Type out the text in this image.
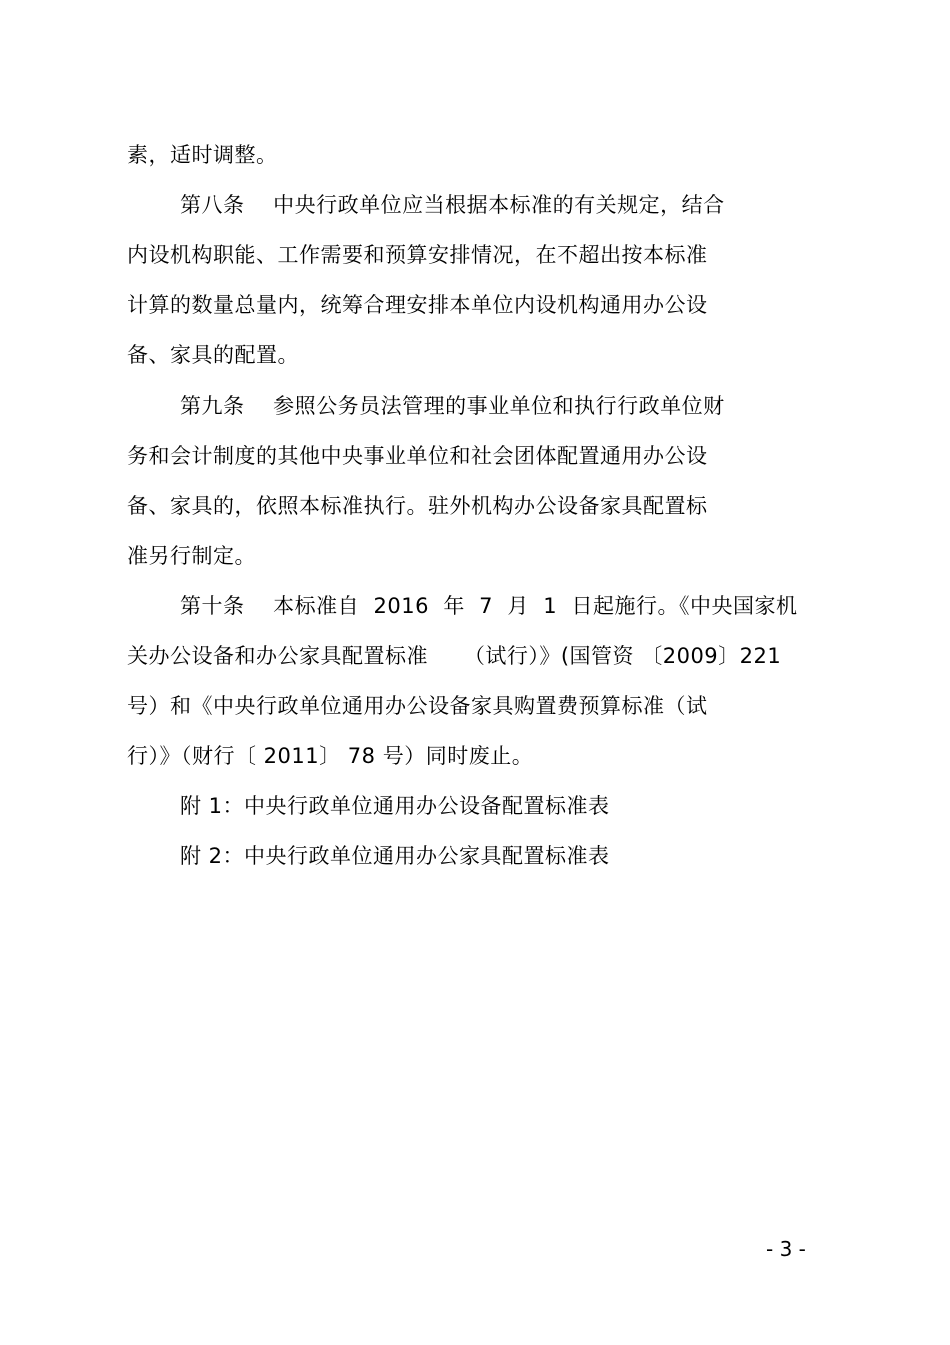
素，适时调整。
第八条　 中央行政单位应当根据本标准的有关规定，结合
内设机构职能、工作需要和预算安排情况，在不超出按本标准
计算的数量总量内，统筹合理安排本单位内设机构通用办公设
备、家具的配置。
第九条　 参照公务员法管理的事业单位和执行行政单位财
务和会计制度的其他中央事业单位和社会团体配置通用办公设
备、家具的，依照本标准执行。驻外机构办公设备家具配置标
准另行制定。
第十条　 本标准自  2016  年  7  月  1  日起施行。《中央国家机
关办公设备和办公家具配置标准　  （试行）》(国管资 〔2009〕221
号）和《中央行政单位通用办公设备家具购置费预算标准（试
行）》（财行〔 2011〕 78 号）同时废止。
附 1：中央行政单位通用办公设备配置标准表
附 2：中央行政单位通用办公家具配置标准表
- 3 -
